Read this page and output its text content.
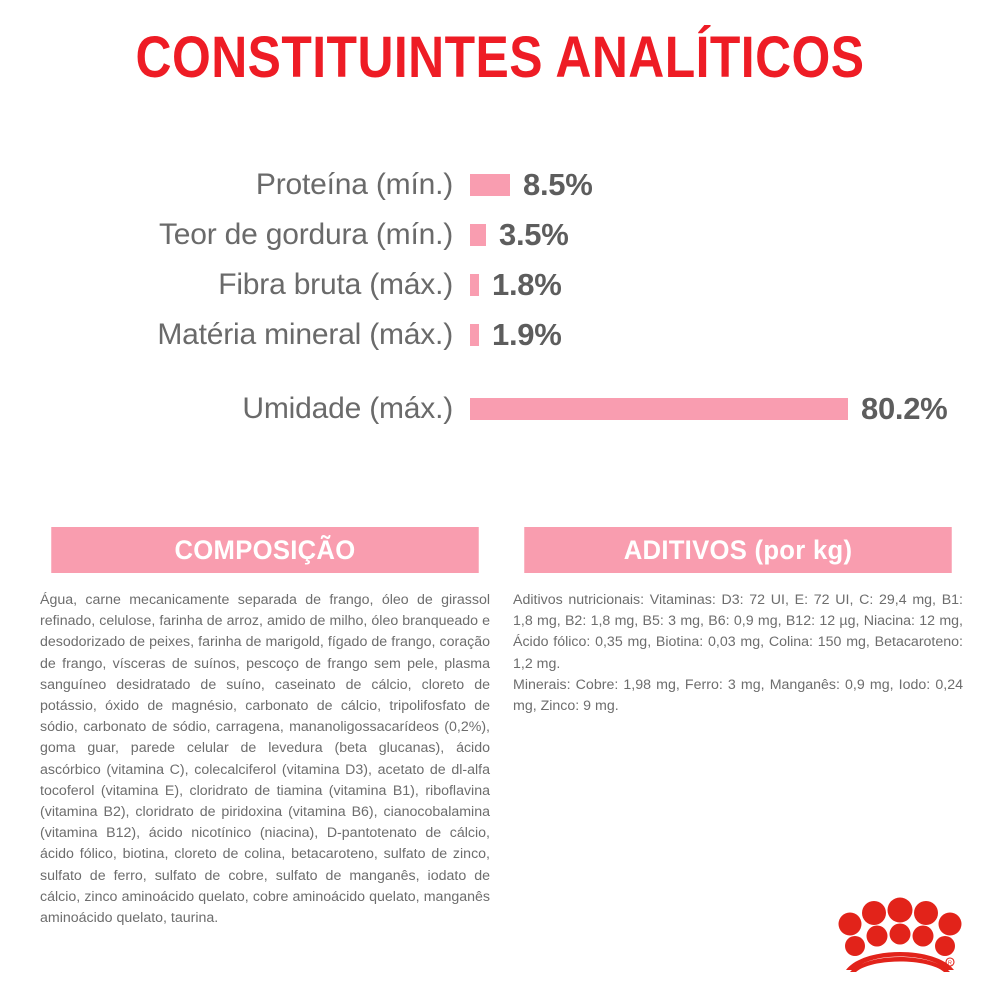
CONSTITUINTES ANALÍTICOS
Proteína (mín.)	8.5%
Teor de gordura (mín.)	3.5%
Fibra bruta (máx.)	1.8%
Matéria mineral (máx.)	1.9%
Umidade (máx.)	80.2%
COMPOSIÇÃO

Água, carne mecanicamente separada de frango, óleo de girassol refinado, celulose, farinha de arroz, amido de milho, óleo branqueado e desodorizado de peixes, farinha de marigold, fígado de frango, coração de frango, vísceras de suínos, pescoço de frango sem pele, plasma sanguíneo desidratado de suíno, caseinato de cálcio, cloreto de potássio, óxido de magnésio, carbonato de cálcio, tripolifosfato de sódio, carbonato de sódio, carragena, mananoligossacarídeos (0,2%), goma guar, parede celular de levedura (beta glucanas), ácido ascórbico (vitamina C), colecalciferol (vitamina D3), acetato de dl-alfa tocoferol (vitamina E), cloridrato de tiamina (vitamina B1), riboflavina (vitamina B2), cloridrato de piridoxina (vitamina B6), cianocobalamina (vitamina B12), ácido nicotínico (niacina), D-pantotenato de cálcio, ácido fólico, biotina, cloreto de colina, betacaroteno, sulfato de zinco, sulfato de ferro, sulfato de cobre, sulfato de manganês, iodato de cálcio, zinco aminoácido quelato, cobre aminoácido quelato, manganês aminoácido quelato, taurina.

ADITIVOS (por kg)

Aditivos nutricionais: Vitaminas: D3: 72 UI, E: 72 UI, C: 29,4 mg, B1: 1,8 mg, B2: 1,8 mg, B5: 3 mg, B6: 0,9 mg, B12: 12 µg, Niacina: 12 mg, Ácido fólico: 0,35 mg, Biotina: 0,03 mg, Colina: 150 mg, Betacaroteno: 1,2 mg.

Minerais: Cobre: 1,98 mg, Ferro: 3 mg, Manganês: 0,9 mg, Iodo: 0,24 mg, Zinco: 9 mg.

R
